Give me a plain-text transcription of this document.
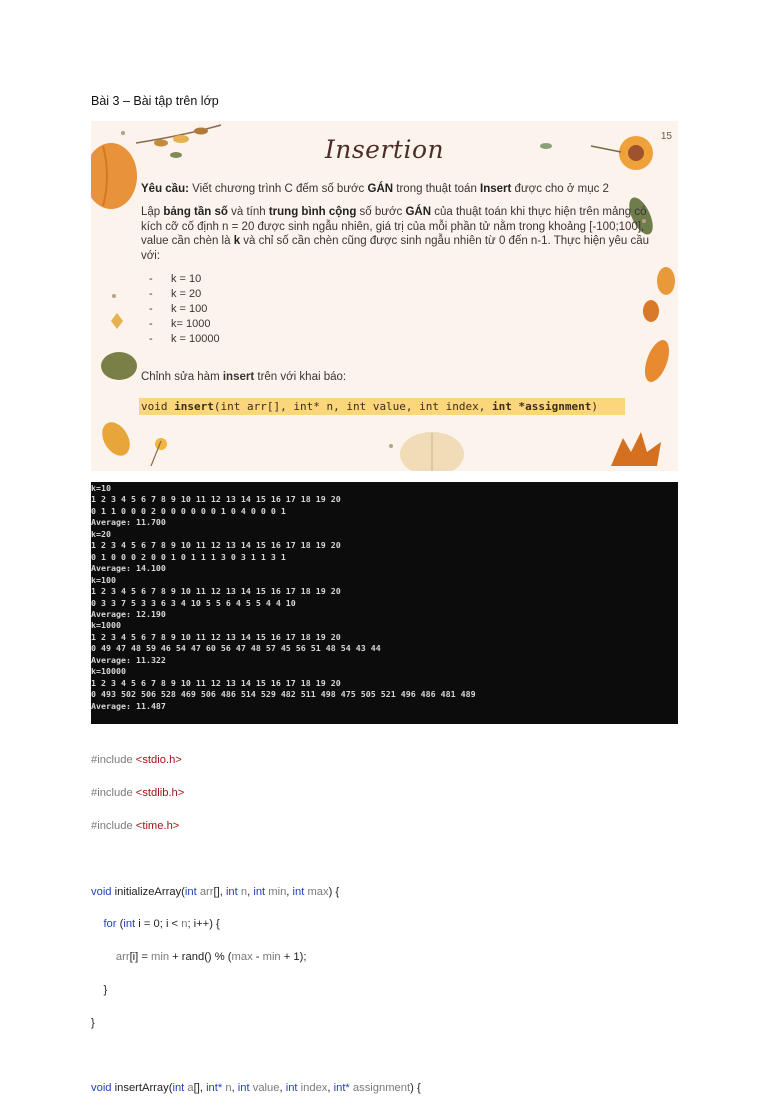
Bài 3 – Bài tập trên lớp
15
Insertion
Yêu cầu: Viết chương trình C đếm số bước GÁN trong thuật toán Insert được cho ở mục 2
Lập bảng tần số và tính trung bình cộng số bước GÁN của thuật toán khi thực hiện trên mảng có kích cỡ cố định n = 20 được sinh ngẫu nhiên, giá trị của mỗi phần tử nằm trong khoảng [-100;100], value cần chèn là k và chỉ số cần chèn cũng được sinh ngẫu nhiên từ 0 đến n-1. Thực hiện yêu cầu với:
- k = 10
- k = 20
- k = 100
- k= 1000
- k = 10000
Chỉnh sửa hàm insert trên với khai báo:
void insert(int arr[], int* n, int value, int index, int *assignment)
k=10
1 2 3 4 5 6 7 8 9 10 11 12 13 14 15 16 17 18 19 20
0 1 1 0 0 0 2 0 0 0 0 0 0 1 0 4 0 0 0 1
Average: 11.700
k=20
1 2 3 4 5 6 7 8 9 10 11 12 13 14 15 16 17 18 19 20
0 1 0 0 0 2 0 0 1 0 1 1 1 3 0 3 1 1 3 1
Average: 14.100
k=100
1 2 3 4 5 6 7 8 9 10 11 12 13 14 15 16 17 18 19 20
0 3 3 7 5 3 3 6 3 4 10 5 5 6 4 5 5 4 4 10
Average: 12.190
k=1000
1 2 3 4 5 6 7 8 9 10 11 12 13 14 15 16 17 18 19 20
0 49 47 48 59 46 54 47 60 56 47 48 57 45 56 51 48 54 43 44
Average: 11.322
k=10000
1 2 3 4 5 6 7 8 9 10 11 12 13 14 15 16 17 18 19 20
0 493 502 506 528 469 506 486 514 529 482 511 498 475 505 521 496 486 481 489
Average: 11.487

#include <stdio.h>

#include <stdlib.h>

#include <time.h>

void initializeArray(int arr[], int n, int min, int max) {

for (int i = 0; i < n; i++) {

arr[i] = min + rand() % (max - min + 1);

}

}

void insertArray(int a[], int* n, int value, int index, int* assignment) {
